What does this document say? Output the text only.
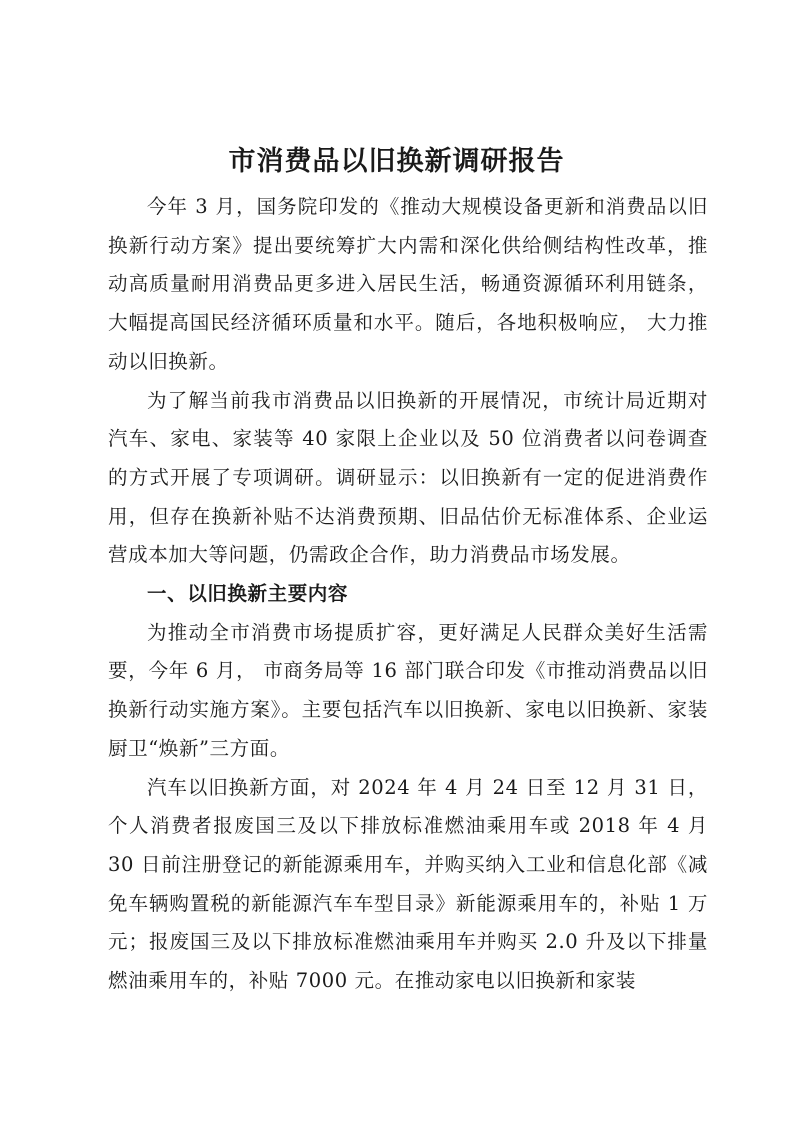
市消费品以旧换新调研报告

今年 3 月，国务院印发的《推动大规模设备更新和消费品以旧换新行动方案》提出要统筹扩大内需和深化供给侧结构性改革，推动高质量耐用消费品更多进入居民生活，畅通资源循环利用链条，大幅提高国民经济循环质量和水平。随后，各地积极响应， 大力推动以旧换新。

为了解当前我市消费品以旧换新的开展情况，市统计局近期对汽车、家电、家装等 40 家限上企业以及 50 位消费者以问卷调查的方式开展了专项调研。调研显示：以旧换新有一定的促进消费作用，但存在换新补贴不达消费预期、旧品估价无标准体系、企业运营成本加大等问题，仍需政企合作，助力消费品市场发展。

一、以旧换新主要内容

为推动全市消费市场提质扩容，更好满足人民群众美好生活需要，今年 6 月， 市商务局等 16 部门联合印发《市推动消费品以旧换新行动实施方案》。主要包括汽车以旧换新、家电以旧换新、家装厨卫“焕新”三方面。

汽车以旧换新方面，对 2024 年 4 月 24 日至 12 月 31 日，个人消费者报废国三及以下排放标准燃油乘用车或 2018 年 4 月 30 日前注册登记的新能源乘用车，并购买纳入工业和信息化部《减免车辆购置税的新能源汽车车型目录》新能源乘用车的，补贴 1 万元；报废国三及以下排放标准燃油乘用车并购买 2.0 升及以下排量燃油乘用车的，补贴 7000 元。在推动家电以旧换新和家装
